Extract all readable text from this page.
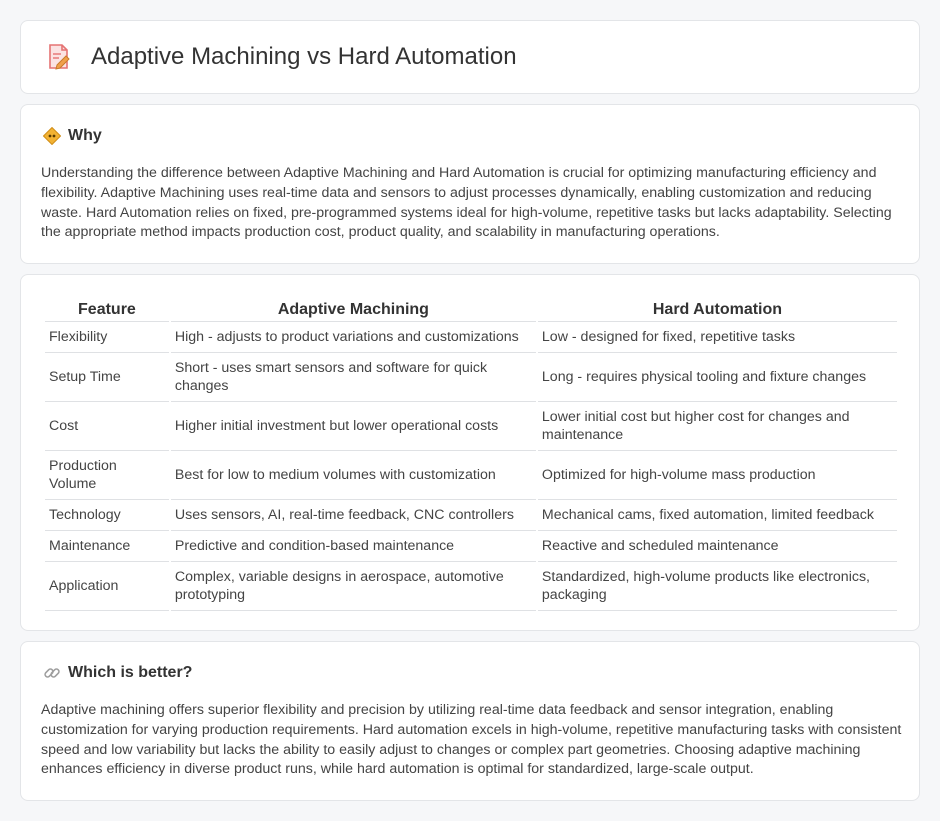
Adaptive Machining vs Hard Automation
Why

Understanding the difference between Adaptive Machining and Hard Automation is crucial for optimizing manufacturing efficiency and flexibility. Adaptive Machining uses real-time data and sensors to adjust processes dynamically, enabling customization and reducing waste. Hard Automation relies on fixed, pre-programmed systems ideal for high-volume, repetitive tasks but lacks adaptability. Selecting the appropriate method impacts production cost, product quality, and scalability in manufacturing operations.

Feature	Adaptive Machining	Hard Automation
Flexibility	High - adjusts to product variations and customizations	Low - designed for fixed, repetitive tasks
Setup Time	Short - uses smart sensors and software for quick changes	Long - requires physical tooling and fixture changes
Cost	Higher initial investment but lower operational costs	Lower initial cost but higher cost for changes and maintenance
Production Volume	Best for low to medium volumes with customization	Optimized for high-volume mass production
Technology	Uses sensors, AI, real-time feedback, CNC controllers	Mechanical cams, fixed automation, limited feedback
Maintenance	Predictive and condition-based maintenance	Reactive and scheduled maintenance
Application	Complex, variable designs in aerospace, automotive prototyping	Standardized, high-volume products like electronics, packaging
Which is better?

Adaptive machining offers superior flexibility and precision by utilizing real-time data feedback and sensor integration, enabling customization for varying production requirements. Hard automation excels in high-volume, repetitive manufacturing tasks with consistent speed and low variability but lacks the ability to easily adjust to changes or complex part geometries. Choosing adaptive machining enhances efficiency in diverse product runs, while hard automation is optimal for standardized, large-scale output.
